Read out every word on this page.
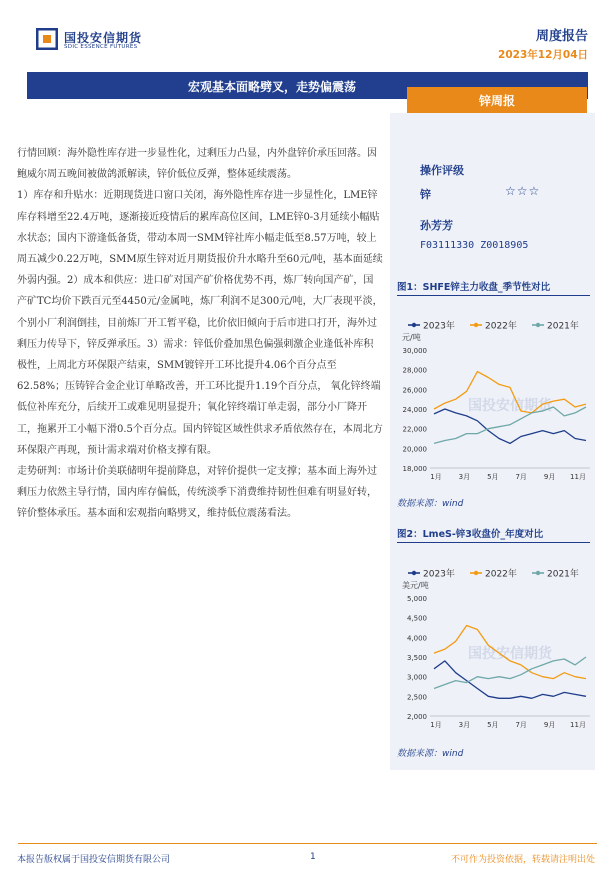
国投安信期货
SDIC ESSENCE FUTURES
周度报告
2023年12月04日
宏观基本面略劈叉，走势偏震荡
锌周报

行情回顾：海外隐性库存进一步显性化，过剩压力凸显，内外盘锌价承压回落。因鲍威尔周五晚间被做鸽派解读，锌价低位反弹，整体延续震荡。

1）库存和升贴水：近期现货进口窗口关闭，海外隐性库存进一步显性化，LME锌库存料增至22.4万吨，逐渐接近疫情后的累库高位区间，LME锌0-3月延续小幅贴水状态；国内下游逢低备货，带动本周一SMM锌社库小幅走低至8.57万吨，较上周五减少0.22万吨，SMM原生锌对近月期货报价升水略升至60元/吨，基本面延续外弱内强。2）成本和供应：进口矿对国产矿价格优势不再，炼厂转向国产矿，国产矿TC均价下跌百元至4450元/金属吨，炼厂利润不足300元/吨，大厂表现平淡，个别小厂利润倒挂，目前炼厂开工暂平稳，比价依旧倾向于后市进口打开，海外过剩压力传导下，锌反弹承压。3）需求：锌低价叠加黑色偏强刺激企业逢低补库积极性，上周北方环保限产结束，SMM镀锌开工环比提升4.06个百分点至62.58%；压铸锌合金企业订单略改善，开工环比提升1.19个百分点， 氧化锌终端低位补库充分，后续开工或难见明显提升；氧化锌终端订单走弱，部分小厂降开工，拖累开工小幅下滑0.5个百分点。国内锌锭区域性供求矛盾依然存在，本周北方环保限产再现，预计需求端对价格支撑有限。

走势研判：市场计价美联储明年提前降息，对锌价提供一定支撑；基本面上海外过剩压力依然主导行情，国内库存偏低，传统淡季下消费维持韧性但难有明显好转，锌价整体承压。基本面和宏观指向略劈叉，维持低位震荡看法。

操作评级
锌	☆☆☆
孙芳芳
F03111330 Z0018905
图1：SHFE锌主力收盘_季节性对比
2023年	2022年	2021年
元/吨
30,000
28,000
26,000
24,000
22,000
20,000
18,000
1月 3月 5月 7月 9月 11月
国投安信期货
数据来源：wind
图2：LmeS-锌3收盘价_年度对比
2023年	2022年	2021年
美元/吨
5,000
4,500
4,000
3,500
3,000
2,500
2,000
1月 3月 5月 7月 9月 11月
国投安信期货
数据来源：wind
本报告版权属于国投安信期货有限公司	1	不可作为投资依据，转载请注明出处
